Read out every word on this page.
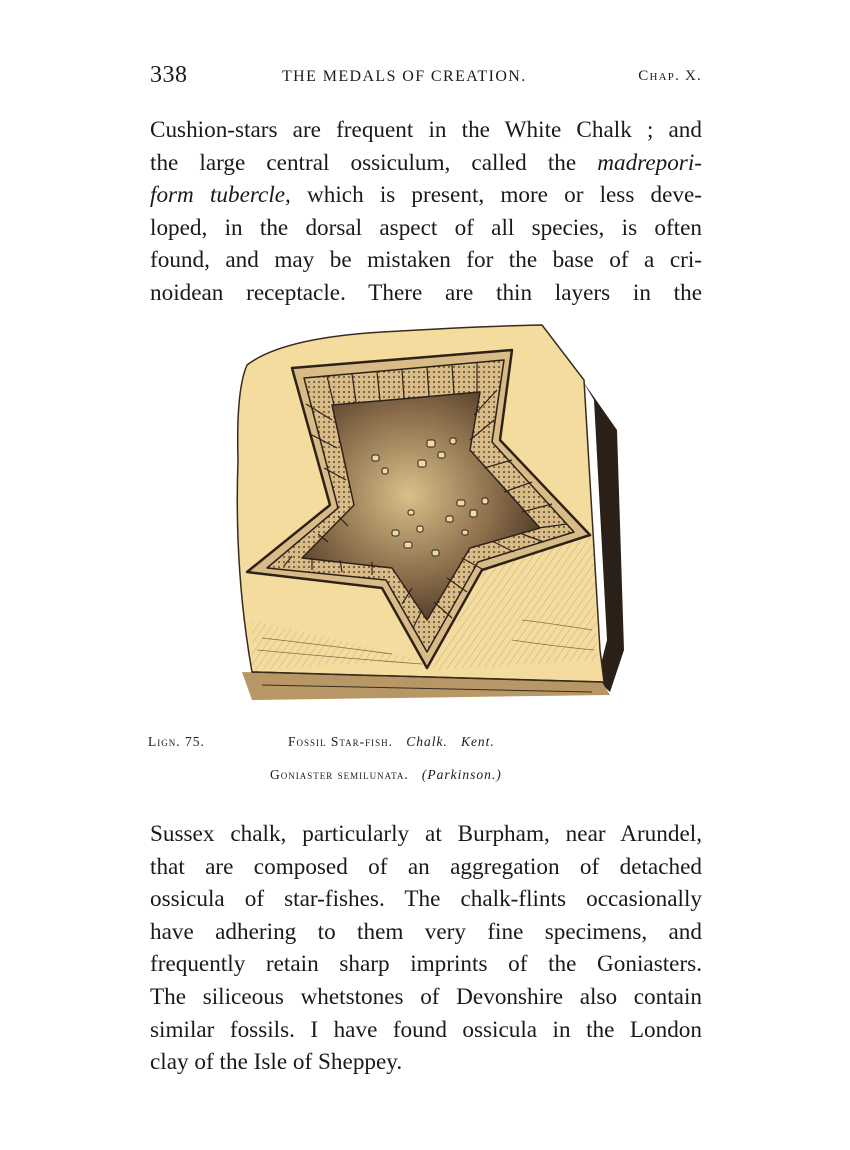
338	THE MEDALS OF CREATION.	Chap. X.
Cushion-stars are frequent in the White Chalk ; and
the large central ossiculum, called the madrepori-
form tubercle, which is present, more or less deve-
loped, in the dorsal aspect of all species, is often
found, and may be mistaken for the base of a cri-
noidean receptacle. There are thin layers in the
Lign. 75.	Fossil Star-fish. Chalk. Kent.
Goniaster semilunata. (Parkinson.)
Sussex chalk, particularly at Burpham, near Arundel,
that are composed of an aggregation of detached
ossicula of star-fishes. The chalk-flints occasionally
have adhering to them very fine specimens, and
frequently retain sharp imprints of the Goniasters.
The siliceous whetstones of Devonshire also contain
similar fossils. I have found ossicula in the London
clay of the Isle of Sheppey.
